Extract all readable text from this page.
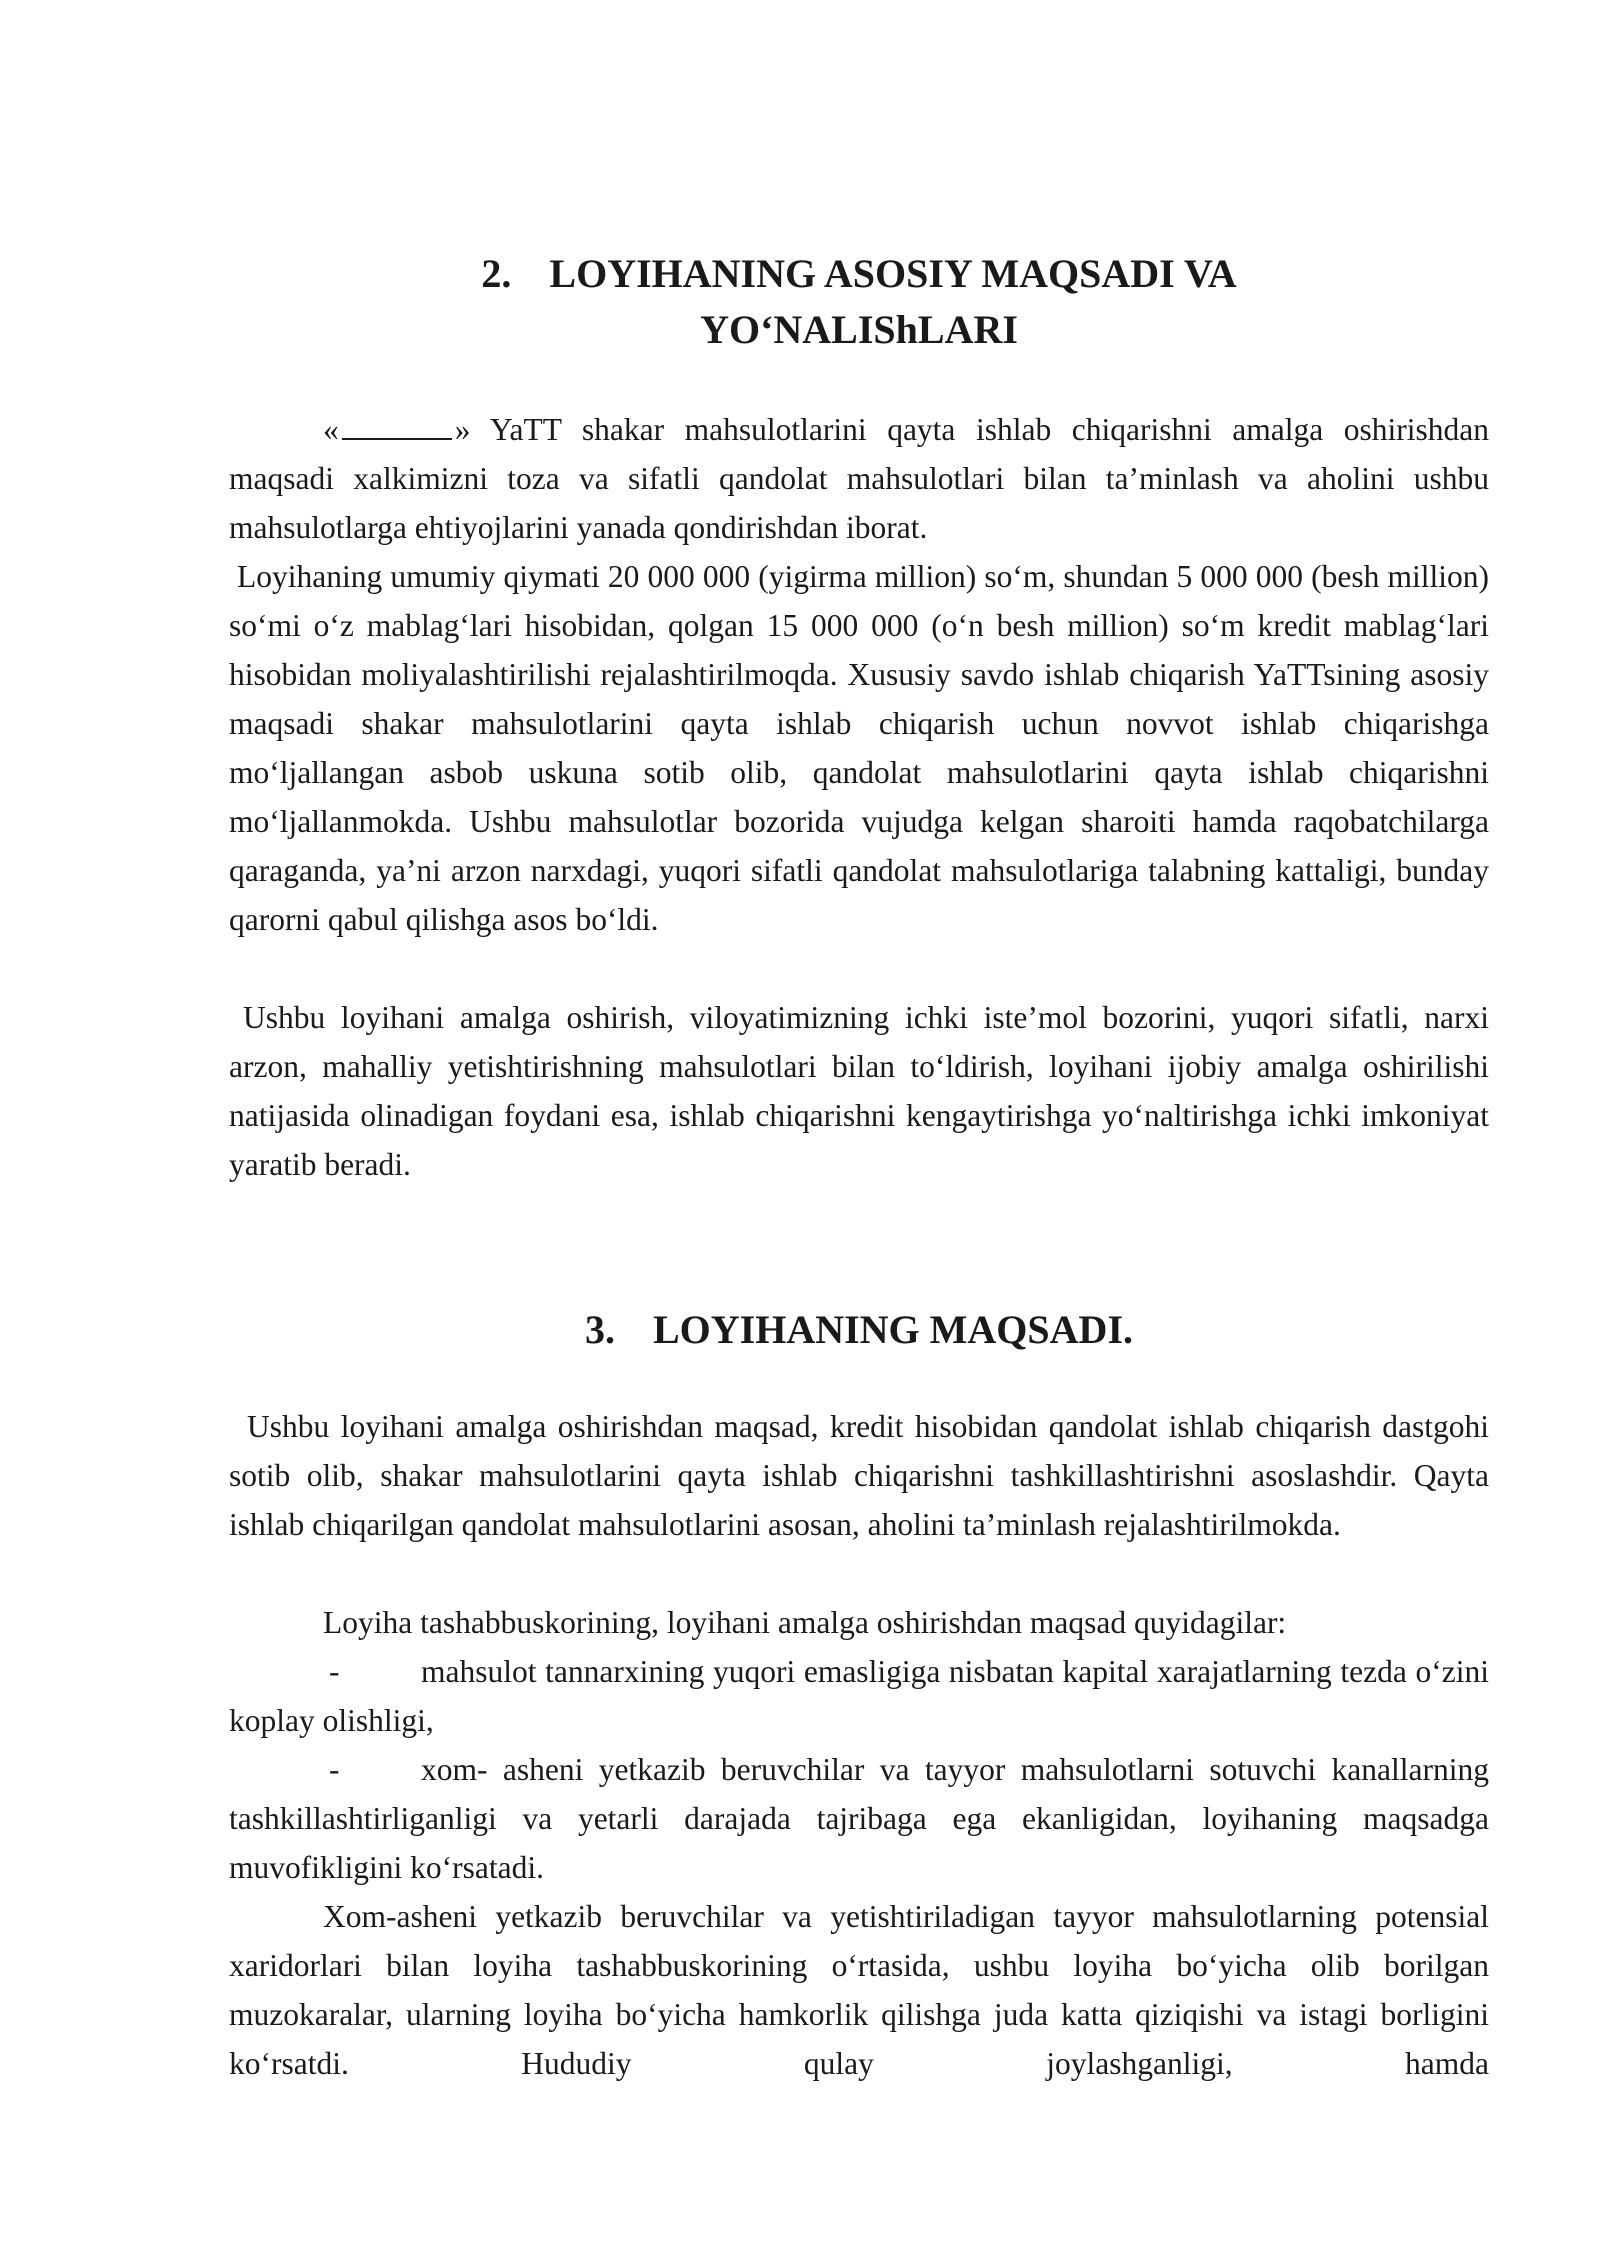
2. LOYIHANING ASOSIY MAQSADI VA
YO‘NALIShLARI

«	» YaTT shakar mahsulotlarini qayta ishlab chiqarishni amalga oshirishdan maqsadi xalkimizni toza va sifatli qandolat mahsulotlari bilan ta’minlash va aholini ushbu mahsulotlarga ehtiyojlarini yanada qondirishdan iborat.

Loyihaning umumiy qiymati 20 000 000 (yigirma million) so‘m, shundan 5 000 000 (besh million) so‘mi o‘z mablag‘lari hisobidan, qolgan 15 000 000 (o‘n besh million) so‘m kredit mablag‘lari hisobidan moliyalashtirilishi rejalashtirilmoqda. Xususiy savdo ishlab chiqarish YaTTsining asosiy maqsadi shakar mahsulotlarini qayta ishlab chiqarish uchun novvot ishlab chiqarishga mo‘ljallangan asbob uskuna sotib olib, qandolat mahsulotlarini qayta ishlab chiqarishni mo‘ljallanmokda. Ushbu mahsulotlar bozorida vujudga kelgan sharoiti hamda raqobatchilarga qaraganda, ya’ni arzon narxdagi, yuqori sifatli qandolat mahsulotlariga talabning kattaligi, bunday qarorni qabul qilishga asos bo‘ldi.

Ushbu loyihani amalga oshirish, viloyatimizning ichki iste’mol bozorini, yuqori sifatli, narxi arzon, mahalliy yetishtirishning mahsulotlari bilan to‘ldirish, loyihani ijobiy amalga oshirilishi natijasida olinadigan foydani esa, ishlab chiqarishni kengaytirishga yo‘naltirishga ichki imkoniyat yaratib beradi.

Ushbu loyihani amalga oshirishdan maqsad, kredit hisobidan qandolat ishlab chiqarish dastgohi sotib olib, shakar mahsulotlarini qayta ishlab chiqarishni tashkillashtirishni asoslashdir. Qayta ishlab chiqarilgan qandolat mahsulotlarini asosan, aholini ta’minlash rejalashtirilmokda.

Loyiha tashabbuskorining, loyihani amalga oshirishdan maqsad quyidagilar:

-	mahsulot tannarxining yuqori emasligiga nisbatan kapital xarajatlarning tezda o‘zini koplay olishligi,

-	xom- asheni yetkazib beruvchilar va tayyor mahsulotlarni sotuvchi kanallarning tashkillashtirliganligi va yetarli darajada tajribaga ega ekanligidan, loyihaning maqsadga muvofikligini ko‘rsatadi.

Xom-asheni yetkazib beruvchilar va yetishtiriladigan tayyor mahsulotlarning potensial xaridorlari bilan loyiha tashabbuskorining o‘rtasida, ushbu loyiha bo‘yicha olib borilgan muzokaralar, ularning loyiha bo‘yicha hamkorlik qilishga juda katta qiziqishi va istagi borligini ko‘rsatdi. Hududiy qulay joylashganligi, hamda

3. LOYIHANING MAQSADI.
